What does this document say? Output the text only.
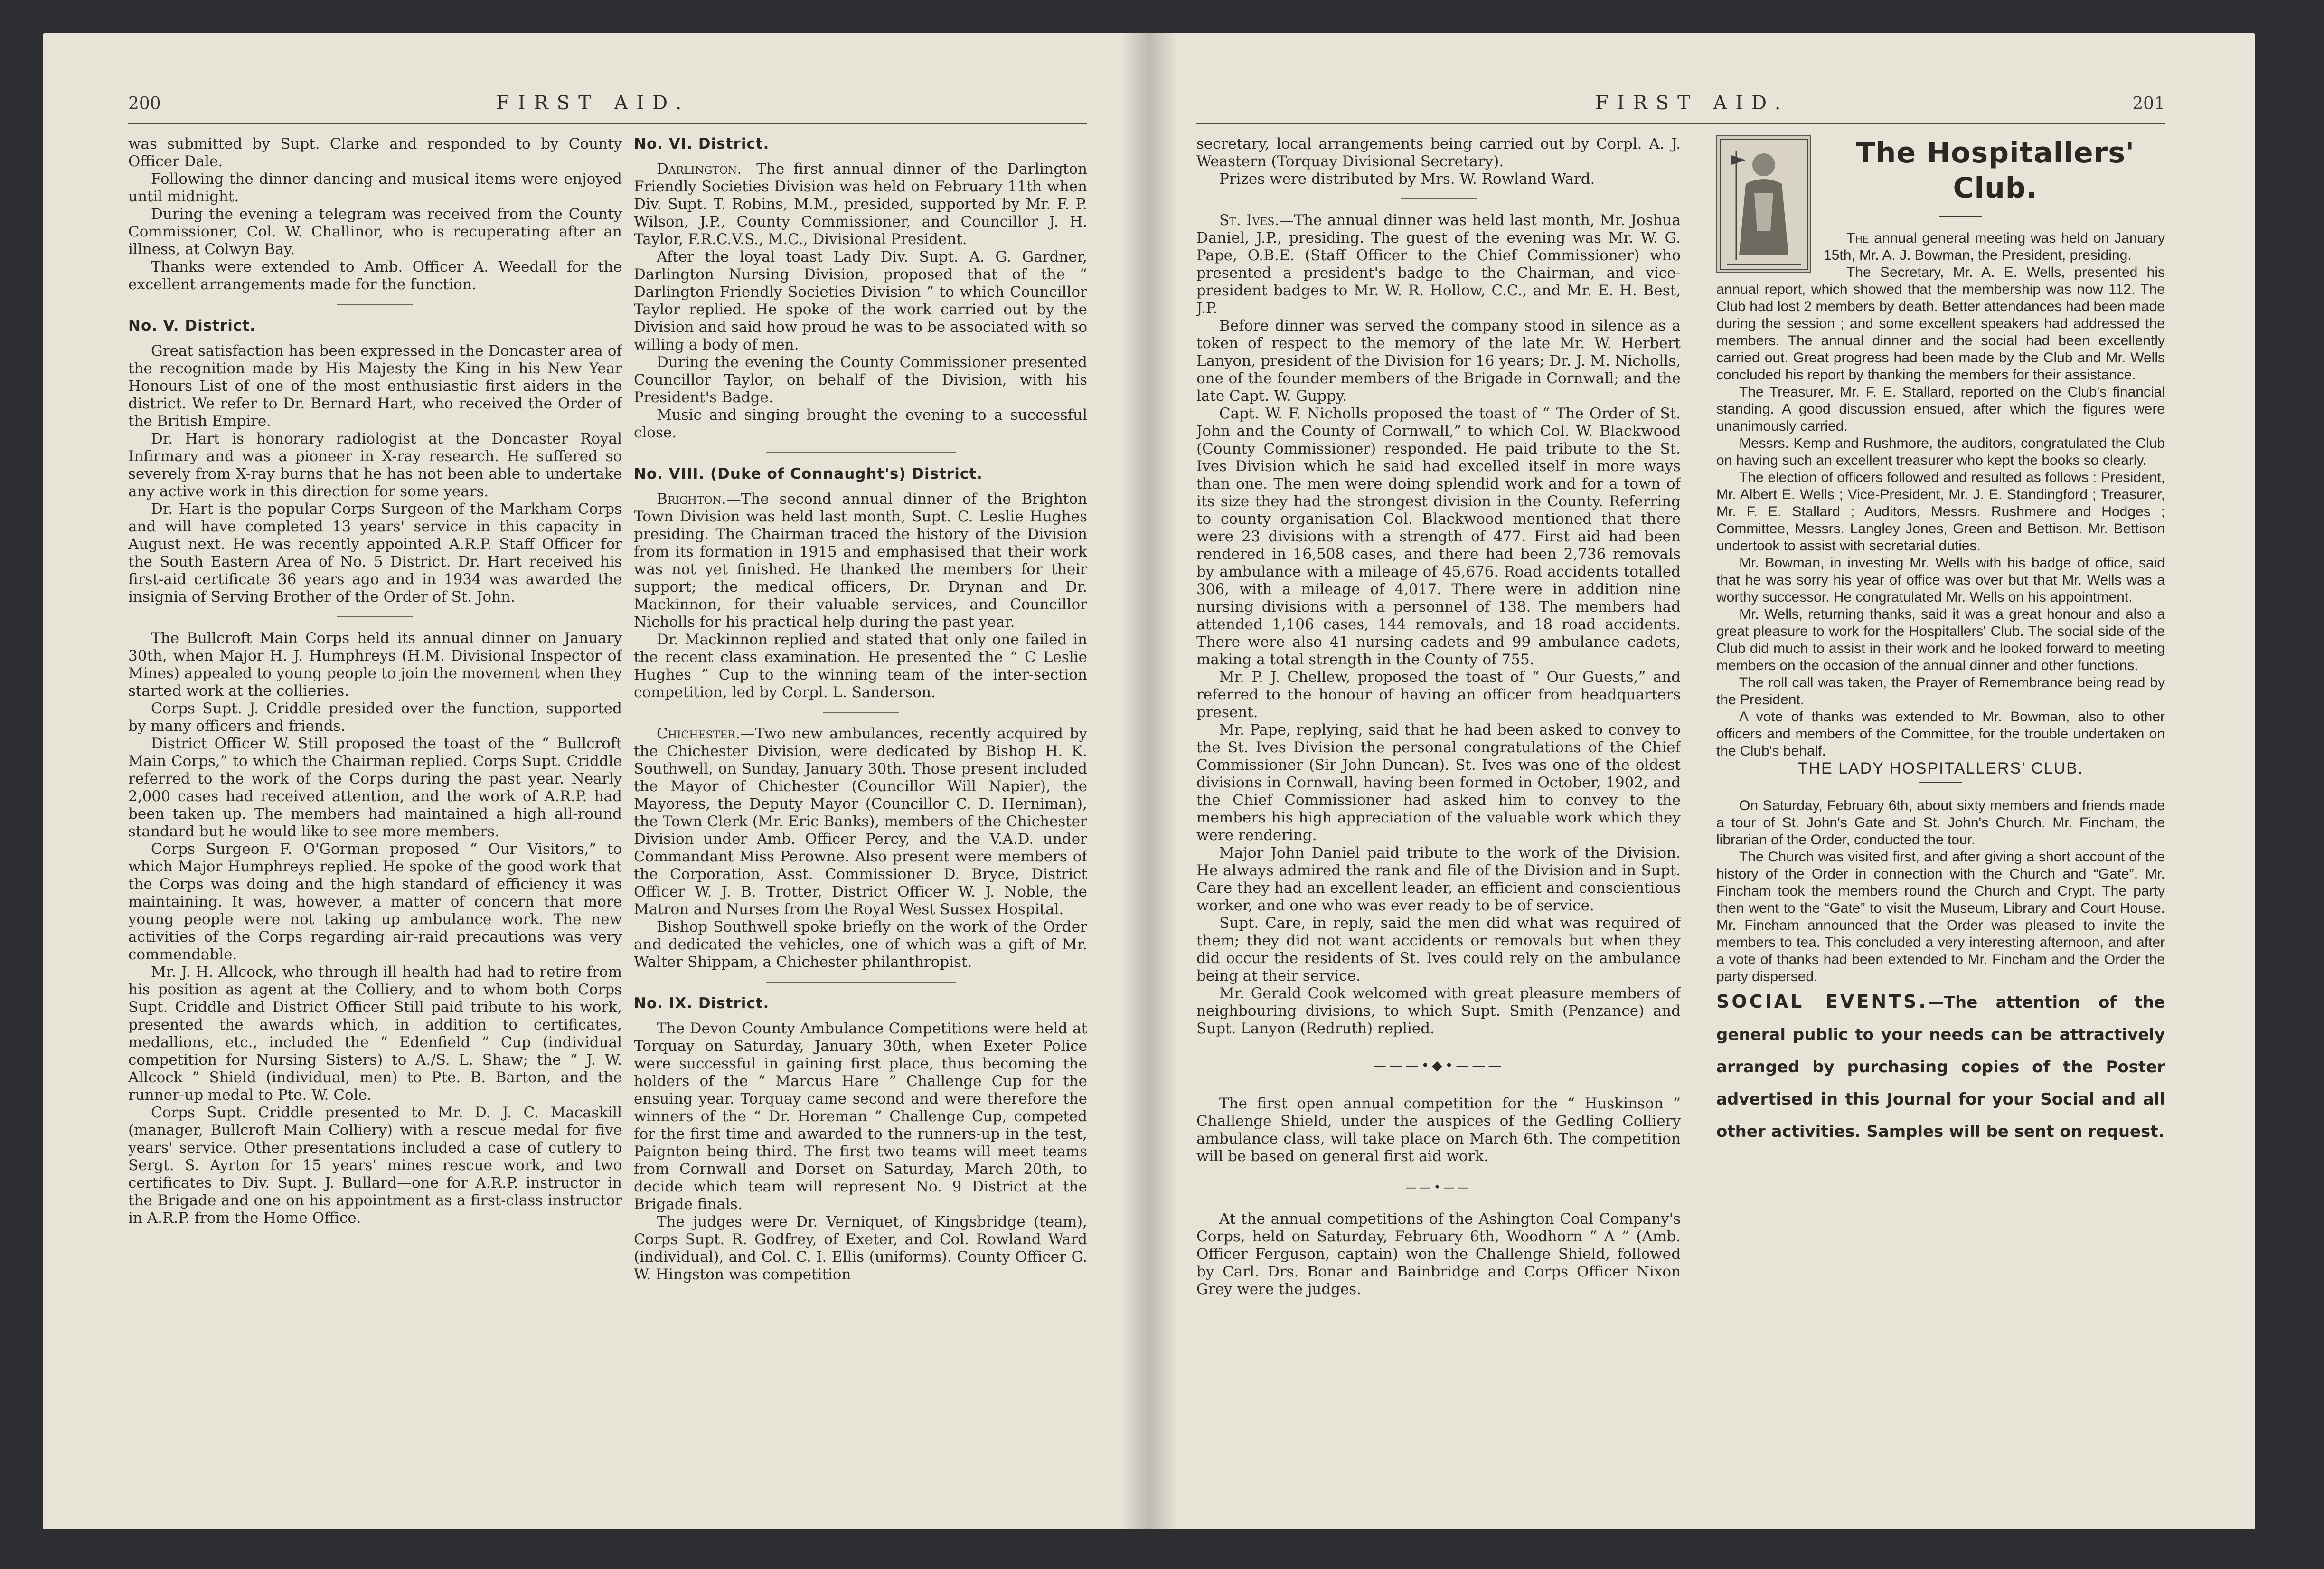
200	FIRST AID.

was submitted by Supt. Clarke and responded to by County Officer Dale.

Following the dinner dancing and musical items were enjoyed until midnight.

During the evening a telegram was received from the County Commissioner, Col. W. Challinor, who is recuperating after an illness, at Colwyn Bay.

Thanks were extended to Amb. Officer A. Weedall for the excellent arrangements made for the function.

No. V. District.

Great satisfaction has been expressed in the Doncaster area of the recognition made by His Majesty the King in his New Year Honours List of one of the most enthusiastic first aiders in the district. We refer to Dr. Bernard Hart, who received the Order of the British Empire.

Dr. Hart is honorary radiologist at the Doncaster Royal Infirmary and was a pioneer in X-ray research. He suffered so severely from X-ray burns that he has not been able to undertake any active work in this direction for some years.

Dr. Hart is the popular Corps Surgeon of the Markham Corps and will have completed 13 years' service in this capacity in August next. He was recently appointed A.R.P. Staff Officer for the South Eastern Area of No. 5 District. Dr. Hart received his first-aid certificate 36 years ago and in 1934 was awarded the insignia of Serving Brother of the Order of St. John.

The Bullcroft Main Corps held its annual dinner on January 30th, when Major H. J. Humphreys (H.M. Divisional Inspector of Mines) appealed to young people to join the movement when they started work at the collieries.

Corps Supt. J. Criddle presided over the function, supported by many officers and friends.

District Officer W. Still proposed the toast of the “ Bullcroft Main Corps,” to which the Chairman replied. Corps Supt. Criddle referred to the work of the Corps during the past year. Nearly 2,000 cases had received attention, and the work of A.R.P. had been taken up. The members had maintained a high all-round standard but he would like to see more members.

Corps Surgeon F. O'Gorman proposed “ Our Visitors,” to which Major Humphreys replied. He spoke of the good work that the Corps was doing and the high standard of efficiency it was maintaining. It was, however, a matter of concern that more young people were not taking up ambulance work. The new activities of the Corps regarding air-raid precautions was very commendable.

Mr. J. H. Allcock, who through ill health had had to retire from his position as agent at the Colliery, and to whom both Corps Supt. Criddle and District Officer Still paid tribute to his work, presented the awards which, in addition to certificates, medallions, etc., included the “ Edenfield ” Cup (individual competition for Nursing Sisters) to A./S. L. Shaw; the “ J. W. Allcock ” Shield (individual, men) to Pte. B. Barton, and the runner-up medal to Pte. W. Cole.

Corps Supt. Criddle presented to Mr. D. J. C. Macaskill (manager, Bullcroft Main Colliery) with a rescue medal for five years' service. Other presentations included a case of cutlery to Sergt. S. Ayrton for 15 years' mines rescue work, and two certificates to Div. Supt. J. Bullard—one for A.R.P. instructor in the Brigade and one on his appointment as a first-class instructor in A.R.P. from the Home Office.

No. VI. District.

Darlington.—The first annual dinner of the Darlington Friendly Societies Division was held on February 11th when Div. Supt. T. Robins, M.M., presided, supported by Mr. F. P. Wilson, J.P., County Commissioner, and Councillor J. H. Taylor, F.R.C.V.S., M.C., Divisional President.

After the loyal toast Lady Div. Supt. A. G. Gardner, Darlington Nursing Division, proposed that of the “ Darlington Friendly Societies Division ” to which Councillor Taylor replied. He spoke of the work carried out by the Division and said how proud he was to be associated with so willing a body of men.

During the evening the County Commissioner presented Councillor Taylor, on behalf of the Division, with his President's Badge.

Music and singing brought the evening to a successful close.

No. VIII. (Duke of Connaught's) District.

Brighton.—The second annual dinner of the Brighton Town Division was held last month, Supt. C. Leslie Hughes presiding. The Chairman traced the history of the Division from its formation in 1915 and emphasised that their work was not yet finished. He thanked the members for their support; the medical officers, Dr. Drynan and Dr. Mackinnon, for their valuable services, and Councillor Nicholls for his practical help during the past year.

Dr. Mackinnon replied and stated that only one failed in the recent class examination. He presented the “ C Leslie Hughes ” Cup to the winning team of the inter-section competition, led by Corpl. L. Sanderson.

Chichester.—Two new ambulances, recently acquired by the Chichester Division, were dedicated by Bishop H. K. Southwell, on Sunday, January 30th. Those present included the Mayor of Chichester (Councillor Will Napier), the Mayoress, the Deputy Mayor (Councillor C. D. Herniman), the Town Clerk (Mr. Eric Banks), members of the Chichester Division under Amb. Officer Percy, and the V.A.D. under Commandant Miss Perowne. Also present were members of the Corporation, Asst. Commissioner D. Bryce, District Officer W. J. B. Trotter, District Officer W. J. Noble, the Matron and Nurses from the Royal West Sussex Hospital.

Bishop Southwell spoke briefly on the work of the Order and dedicated the vehicles, one of which was a gift of Mr. Walter Shippam, a Chichester philanthropist.

No. IX. District.

The Devon County Ambulance Competitions were held at Torquay on Saturday, January 30th, when Exeter Police were successful in gaining first place, thus becoming the holders of the “ Marcus Hare ” Challenge Cup for the ensuing year. Torquay came second and were therefore the winners of the “ Dr. Horeman ” Challenge Cup, competed for the first time and awarded to the runners-up in the test, Paignton being third. The first two teams will meet teams from Cornwall and Dorset on Saturday, March 20th, to decide which team will represent No. 9 District at the Brigade finals.

The judges were Dr. Verniquet, of Kingsbridge (team), Corps Supt. R. Godfrey, of Exeter, and Col. Rowland Ward (individual), and Col. C. I. Ellis (uniforms). County Officer G. W. Hingston was competition

FIRST AID.	201

secretary, local arrangements being carried out by Corpl. A. J. Weastern (Torquay Divisional Secretary).

Prizes were distributed by Mrs. W. Rowland Ward.

St. Ives.—The annual dinner was held last month, Mr. Joshua Daniel, J.P., presiding. The guest of the evening was Mr. W. G. Pape, O.B.E. (Staff Officer to the Chief Commissioner) who presented a president's badge to the Chairman, and vice-president badges to Mr. W. R. Hollow, C.C., and Mr. E. H. Best, J.P.

Before dinner was served the company stood in silence as a token of respect to the memory of the late Mr. W. Herbert Lanyon, president of the Division for 16 years; Dr. J. M. Nicholls, one of the founder members of the Brigade in Cornwall; and the late Capt. W. Guppy.

Capt. W. F. Nicholls proposed the toast of “ The Order of St. John and the County of Cornwall,” to which Col. W. Blackwood (County Commissioner) responded. He paid tribute to the St. Ives Division which he said had excelled itself in more ways than one. The men were doing splendid work and for a town of its size they had the strongest division in the County. Referring to county organisation Col. Blackwood mentioned that there were 23 divisions with a strength of 477. First aid had been rendered in 16,508 cases, and there had been 2,736 removals by ambulance with a mileage of 45,676. Road accidents totalled 306, with a mileage of 4,017. There were in addition nine nursing divisions with a personnel of 138. The members had attended 1,106 cases, 144 removals, and 18 road accidents. There were also 41 nursing cadets and 99 ambulance cadets, making a total strength in the County of 755.

Mr. P. J. Chellew, proposed the toast of “ Our Guests,” and referred to the honour of having an officer from headquarters present.

Mr. Pape, replying, said that he had been asked to convey to the St. Ives Division the personal congratulations of the Chief Commissioner (Sir John Duncan). St. Ives was one of the oldest divisions in Cornwall, having been formed in October, 1902, and the Chief Commissioner had asked him to convey to the members his high appreciation of the valuable work which they were rendering.

Major John Daniel paid tribute to the work of the Division. He always admired the rank and file of the Division and in Supt. Care they had an excellent leader, an efficient and conscientious worker, and one who was ever ready to be of service.

Supt. Care, in reply, said the men did what was required of them; they did not want accidents or removals but when they did occur the residents of St. Ives could rely on the ambulance being at their service.

Mr. Gerald Cook welcomed with great pleasure members of neighbouring divisions, to which Supt. Smith (Penzance) and Supt. Lanyon (Redruth) replied.

———•◆•———

The first open annual competition for the “ Huskinson ” Challenge Shield, under the auspices of the Gedling Colliery ambulance class, will take place on March 6th. The competition will be based on general first aid work.

——•——

At the annual competitions of the Ashington Coal Company's Corps, held on Saturday, February 6th, Woodhorn “ A ” (Amb. Officer Ferguson, captain) won the Challenge Shield, followed by Carl. Drs. Bonar and Bainbridge and Corps Officer Nixon Grey were the judges.

The Hospitallers' Club.

The annual general meeting was held on January 15th, Mr. A. J. Bowman, the President, presiding.

The Secretary, Mr. A. E. Wells, presented his annual report, which showed that the membership was now 112. The Club had lost 2 members by death. Better attendances had been made during the session ; and some excellent speakers had addressed the members. The annual dinner and the social had been excellently carried out. Great progress had been made by the Club and Mr. Wells concluded his report by thanking the members for their assistance.

The Treasurer, Mr. F. E. Stallard, reported on the Club's financial standing. A good discussion ensued, after which the figures were unanimously carried.

Messrs. Kemp and Rushmore, the auditors, congratulated the Club on having such an excellent treasurer who kept the books so clearly.

The election of officers followed and resulted as follows : President, Mr. Albert E. Wells ; Vice-President, Mr. J. E. Standingford ; Treasurer, Mr. F. E. Stallard ; Auditors, Messrs. Rushmere and Hodges ; Committee, Messrs. Langley Jones, Green and Bettison. Mr. Bettison undertook to assist with secretarial duties.

Mr. Bowman, in investing Mr. Wells with his badge of office, said that he was sorry his year of office was over but that Mr. Wells was a worthy successor. He congratulated Mr. Wells on his appointment.

Mr. Wells, returning thanks, said it was a great honour and also a great pleasure to work for the Hospitallers' Club. The social side of the Club did much to assist in their work and he looked forward to meeting members on the occasion of the annual dinner and other functions.

The roll call was taken, the Prayer of Remembrance being read by the President.

A vote of thanks was extended to Mr. Bowman, also to other officers and members of the Committee, for the trouble undertaken on the Club's behalf.

THE LADY HOSPITALLERS' CLUB.

On Saturday, February 6th, about sixty members and friends made a tour of St. John's Gate and St. John's Church. Mr. Fincham, the librarian of the Order, conducted the tour.

The Church was visited first, and after giving a short account of the history of the Order in connection with the Church and “Gate”, Mr. Fincham took the members round the Church and Crypt. The party then went to the “Gate” to visit the Museum, Library and Court House. Mr. Fincham announced that the Order was pleased to invite the members to tea. This concluded a very interesting afternoon, and after a vote of thanks had been extended to Mr. Fincham and the Order the party dispersed.

SOCIAL EVENTS.—The attention of the general public to your needs can be attractively arranged by purchasing copies of the Poster advertised in this Journal for your Social and all other activities. Samples will be sent on request.
